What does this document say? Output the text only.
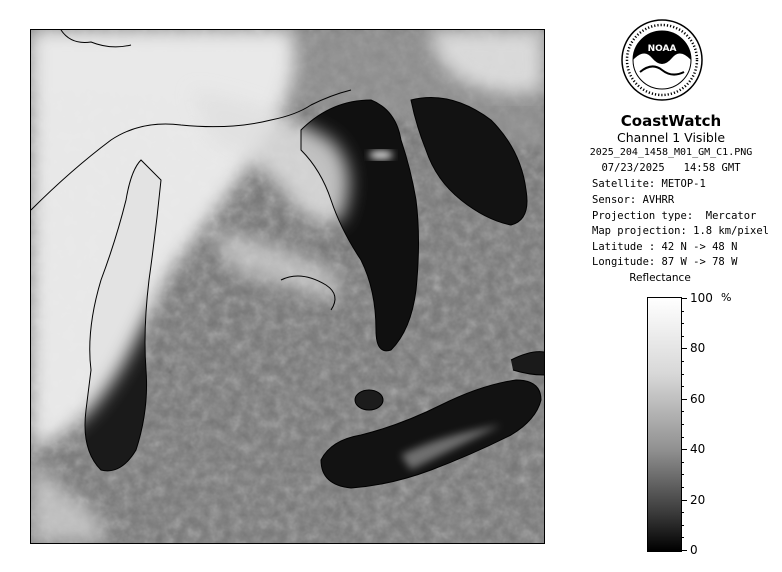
NOAA
CoastWatch
Channel 1 Visible
2025_204_1458_M01_GM_C1.PNG
07/23/2025   14:58 GMT
Satellite: METOP-1
Sensor: AVHRR
Projection type:  Mercator
Map projection: 1.8 km/pixel
Latitude : 42 N -> 48 N
Longitude: 87 W -> 78 W
Reflectance
%
100
80
60
40
20
0
